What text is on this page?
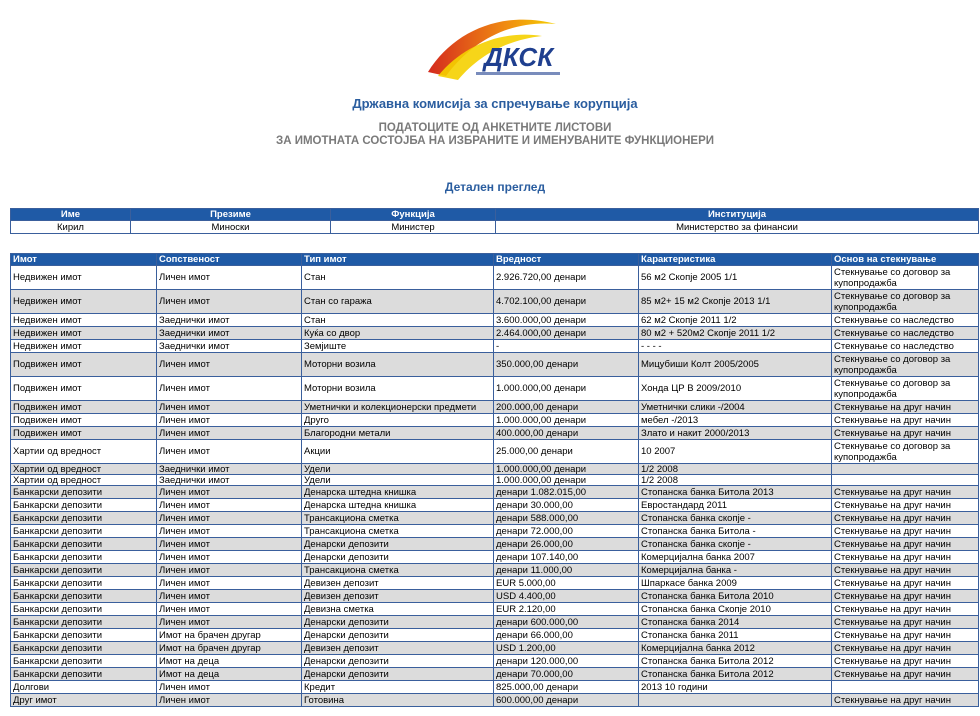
ДКСК
Државна комисија за спречување корупција
ПОДАТОЦИТЕ ОД АНКЕТНИТЕ ЛИСТОВИ
ЗА ИМОТНАТА СОСТОЈБА НА ИЗБРАНИТЕ И ИМЕНУВАНИТЕ ФУНКЦИОНЕРИ
Детален преглед
Име	Презиме	Функција	Институција
Кирил	Миноски	Министер	Министерство за финансии
Имот	Сопственост	Тип имот	Вредност	Карактеристика	Основ на стекнување
Недвижен имот	Личен имот	Стан	2.926.720,00 денари	56 м2 Скопје 2005 1/1	Стекнување со договор за купопродажба
Недвижен имот	Личен имот	Стан со гаража	4.702.100,00 денари	85 м2+ 15 м2 Скопје 2013 1/1	Стекнување со договор за купопродажба
Недвижен имот	Заеднички имот	Стан	3.600.000,00 денари	62 м2 Скопје 2011 1/2	Стекнување со наследство
Недвижен имот	Заеднички имот	Куќа со двор	2.464.000,00 денари	80 м2 + 520м2 Скопје 2011 1/2	Стекнување со наследство
Недвижен имот	Заеднички имот	Земјиште	-	- - - -	Стекнување со наследство
Подвижен имот	Личен имот	Моторни возила	350.000,00 денари	Мицубиши Колт 2005/2005	Стекнување со договор за купопродажба
Подвижен имот	Личен имот	Моторни возила	1.000.000,00 денари	Хонда ЦР В 2009/2010	Стекнување со договор за купопродажба
Подвижен имот	Личен имот	Уметнички и колекционерски предмети	200.000,00 денари	Уметнички слики -/2004	Стекнување на друг начин
Подвижен имот	Личен имот	Друго	1.000.000,00 денари	мебел -/2013	Стекнување на друг начин
Подвижен имот	Личен имот	Благородни метали	400.000,00 денари	Злато и накит 2000/2013	Стекнување на друг начин
Хартии од вредност	Личен имот	Акции	25.000,00 денари	10 2007	Стекнување со договор за купопродажба
Хартии од вредност	Заеднички имот	Удели	1.000.000,00 денари	1/2 2008	
Хартии од вредност	Заеднички имот	Удели	1.000.000,00 денари	1/2 2008	
Банкарски депозити	Личен имот	Денарска штедна книшка	денари 1.082.015,00	Стопанска банка Битола 2013	Стекнување на друг начин
Банкарски депозити	Личен имот	Денарска штедна книшка	денари 30.000,00	Евростандард 2011	Стекнување на друг начин
Банкарски депозити	Личен имот	Трансакциона сметка	денари 588.000,00	Стопанска банка скопје -	Стекнување на друг начин
Банкарски депозити	Личен имот	Трансакциона сметка	денари 72.000,00	Стопанска банка Битола -	Стекнување на друг начин
Банкарски депозити	Личен имот	Денарски депозити	денари 26.000,00	Стопанска банка скопје -	Стекнување на друг начин
Банкарски депозити	Личен имот	Денарски депозити	денари 107.140,00	Комерцијална банка 2007	Стекнување на друг начин
Банкарски депозити	Личен имот	Трансакциона сметка	денари 11.000,00	Комерцијална банка -	Стекнување на друг начин
Банкарски депозити	Личен имот	Девизен депозит	EUR 5.000,00	Шпаркасе банка 2009	Стекнување на друг начин
Банкарски депозити	Личен имот	Девизен депозит	USD 4.400,00	Стопанска банка Битола 2010	Стекнување на друг начин
Банкарски депозити	Личен имот	Девизна сметка	EUR 2.120,00	Стопанска банка Скопје 2010	Стекнување на друг начин
Банкарски депозити	Личен имот	Денарски депозити	денари 600.000,00	Стопанска банка 2014	Стекнување на друг начин
Банкарски депозити	Имот на брачен другар	Денарски депозити	денари 66.000,00	Стопанска банка 2011	Стекнување на друг начин
Банкарски депозити	Имот на брачен другар	Девизен депозит	USD 1.200,00	Комерцијална банка 2012	Стекнување на друг начин
Банкарски депозити	Имот на деца	Денарски депозити	денари 120.000,00	Стопанска банка Битола 2012	Стекнување на друг начин
Банкарски депозити	Имот на деца	Денарски депозити	денари 70.000,00	Стопанска банка Битола 2012	Стекнување на друг начин
Долгови	Личен имот	Кредит	825.000,00 денари	2013 10 години	
Друг имот	Личен имот	Готовина	600.000,00 денари		Стекнување на друг начин
